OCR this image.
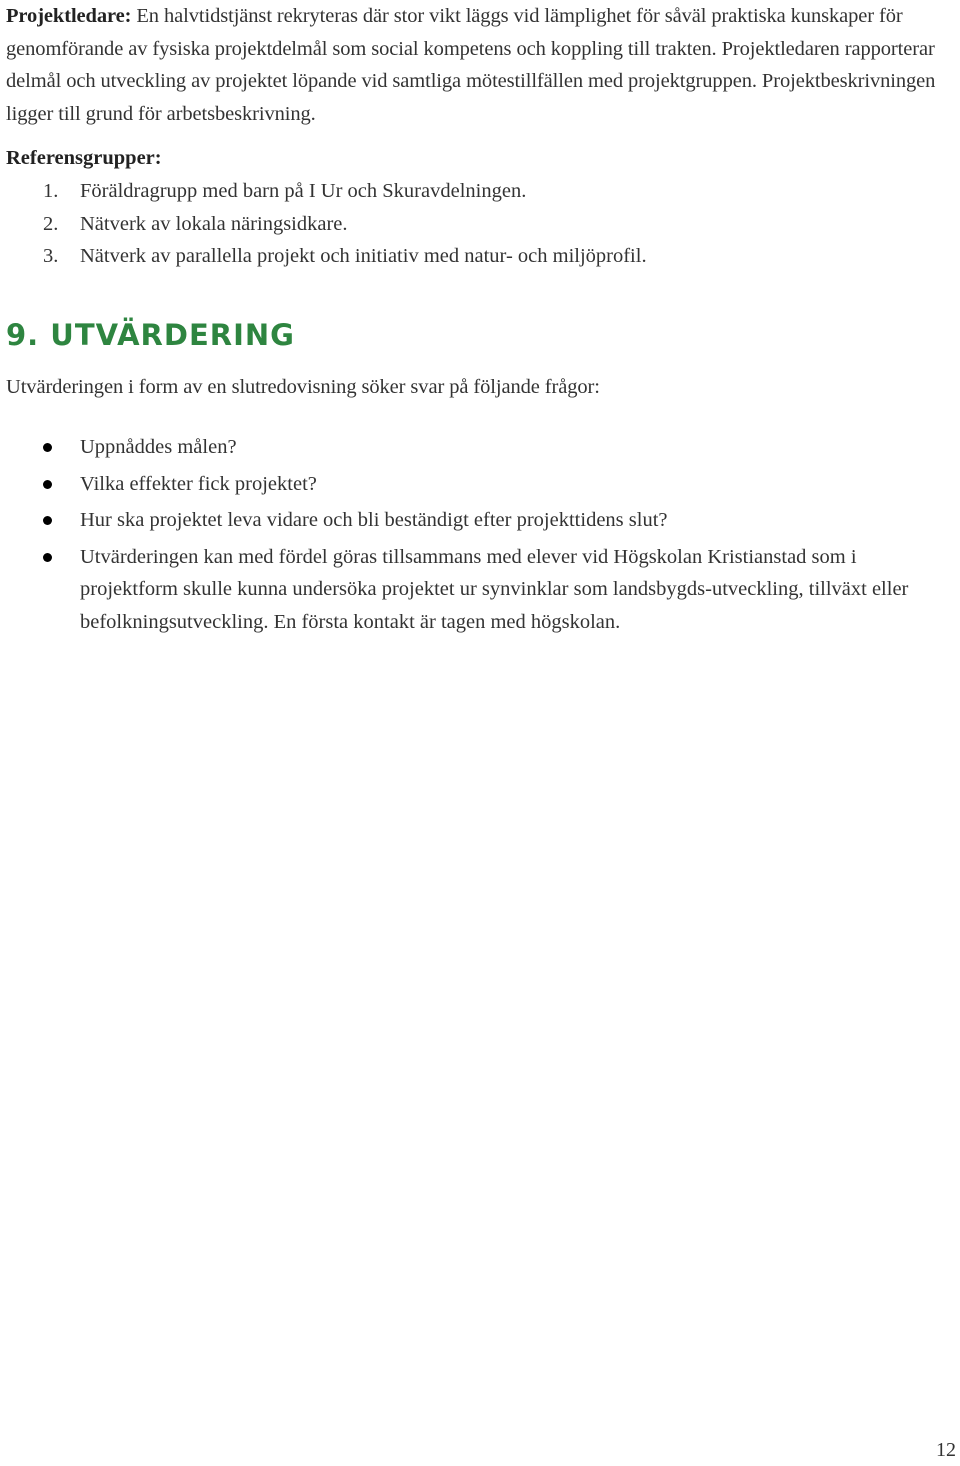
Projektledare: En halvtidstjänst rekryteras där stor vikt läggs vid lämplighet för såväl praktiska kunskaper för genomförande av fysiska projektdelmål som social kompetens och koppling till trakten. Projektledaren rapporterar delmål och utveckling av projektet löpande vid samtliga mötestillfällen med projektgruppen. Projektbeskrivningen ligger till grund för arbetsbeskrivning.

Referensgrupper:
1. Föräldragrupp med barn på I Ur och Skuravdelningen.
2. Nätverk av lokala näringsidkare.
3. Nätverk av parallella projekt och initiativ med natur- och miljöprofil.
9. UTVÄRDERING

Utvärderingen i form av en slutredovisning söker svar på följande frågor:

Uppnåddes målen?
Vilka effekter fick projektet?
Hur ska projektet leva vidare och bli beständigt efter projekttidens slut?
Utvärderingen kan med fördel göras tillsammans med elever vid Högskolan Kristianstad som i projektform skulle kunna undersöka projektet ur synvinklar som landsbygds-utveckling, tillväxt eller befolkningsutveckling. En första kontakt är tagen med högskolan.
12
